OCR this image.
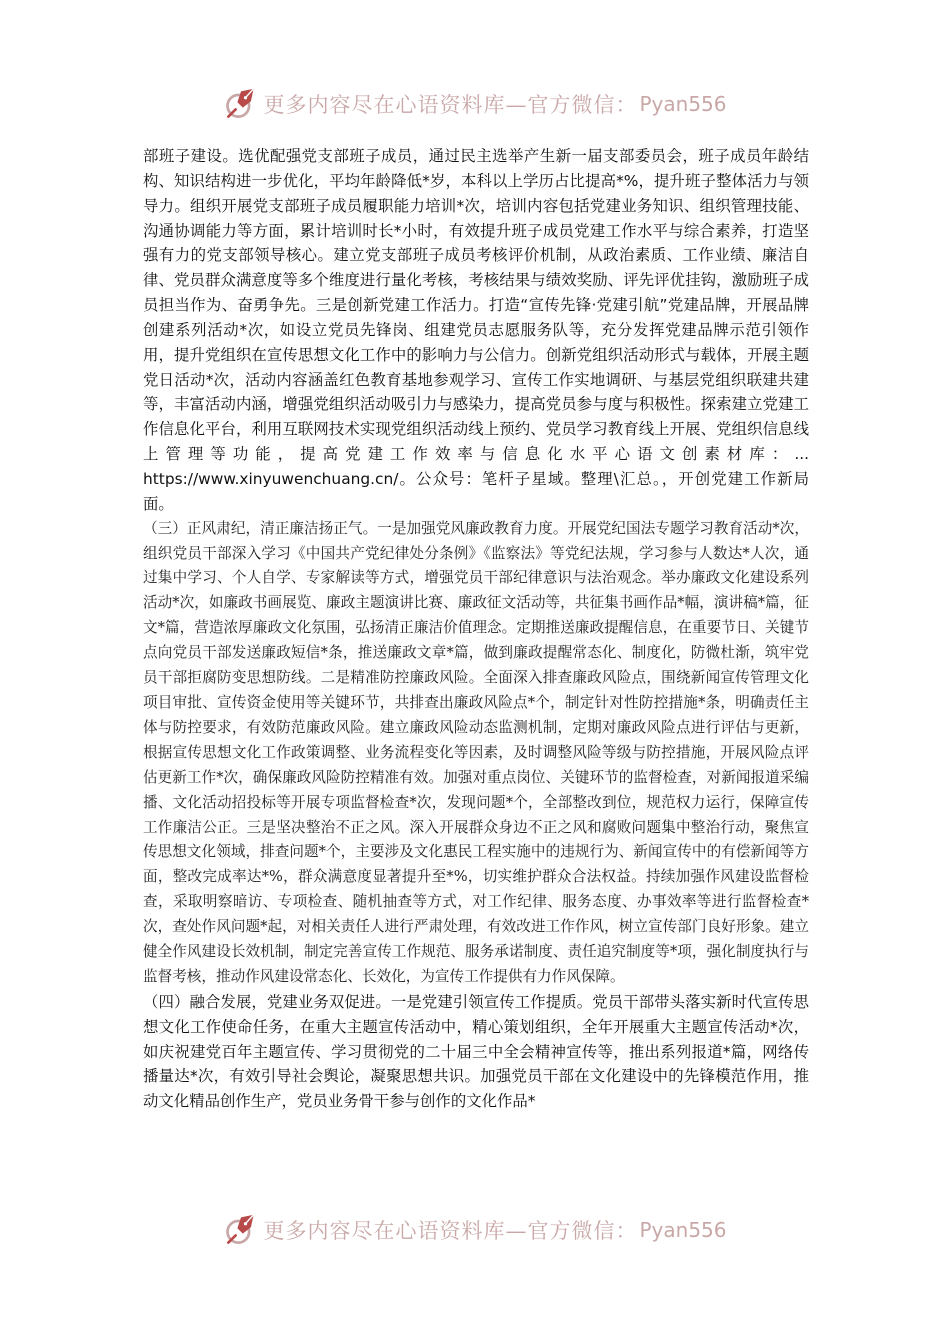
更多内容尽在心语资料库—官方微信： Pyan556

部班子建设。选优配强党支部班子成员，通过民主选举产生新一届支部委员会，班子成员年龄结构、知识结构进一步优化，平均年龄降低*岁，本科以上学历占比提高*%，提升班子整体活力与领导力。组织开展党支部班子成员履职能力培训*次，培训内容包括党建业务知识、组织管理技能、沟通协调能力等方面，累计培训时长*小时，有效提升班子成员党建工作水平与综合素养，打造坚强有力的党支部领导核心。建立党支部班子成员考核评价机制，从政治素质、工作业绩、廉洁自律、党员群众满意度等多个维度进行量化考核，考核结果与绩效奖励、评先评优挂钩，激励班子成员担当作为、奋勇争先。三是创新党建工作活力。打造“宣传先锋·党建引航”党建品牌，开展品牌创建系列活动*次，如设立党员先锋岗、组建党员志愿服务队等，充分发挥党建品牌示范引领作用，提升党组织在宣传思想文化工作中的影响力与公信力。创新党组织活动形式与载体，开展主题党日活动*次，活动内容涵盖红色教育基地参观学习、宣传工作实地调研、与基层党组织联建共建等，丰富活动内涵，增强党组织活动吸引力与感染力，提高党员参与度与积极性。探索建立党建工作信息化平台，利用互联网技术实现党组织活动线上预约、党员学习教育线上开展、党组织信息线上管理等功能，提高党建工作效率与信息化水平心语文创素材库：... https://www.xinyuwenchuang.cn/。公众号：笔杆子星域。整理\汇总。，开创党建工作新局面。

（三）正风肃纪，清正廉洁扬正气。一是加强党风廉政教育力度。开展党纪国法专题学习教育活动*次，组织党员干部深入学习《中国共产党纪律处分条例》《监察法》等党纪法规，学习参与人数达*人次，通过集中学习、个人自学、专家解读等方式，增强党员干部纪律意识与法治观念。举办廉政文化建设系列活动*次，如廉政书画展览、廉政主题演讲比赛、廉政征文活动等，共征集书画作品*幅，演讲稿*篇，征文*篇，营造浓厚廉政文化氛围，弘扬清正廉洁价值理念。定期推送廉政提醒信息，在重要节日、关键节点向党员干部发送廉政短信*条，推送廉政文章*篇，做到廉政提醒常态化、制度化，防微杜渐，筑牢党员干部拒腐防变思想防线。二是精准防控廉政风险。全面深入排查廉政风险点，围绕新闻宣传管理文化项目审批、宣传资金使用等关键环节，共排查出廉政风险点*个，制定针对性防控措施*条，明确责任主体与防控要求，有效防范廉政风险。建立廉政风险动态监测机制，定期对廉政风险点进行评估与更新，根据宣传思想文化工作政策调整、业务流程变化等因素，及时调整风险等级与防控措施，开展风险点评估更新工作*次，确保廉政风险防控精准有效。加强对重点岗位、关键环节的监督检查，对新闻报道采编播、文化活动招投标等开展专项监督检查*次，发现问题*个，全部整改到位，规范权力运行，保障宣传工作廉洁公正。三是坚决整治不正之风。深入开展群众身边不正之风和腐败问题集中整治行动，聚焦宣传思想文化领域，排查问题*个，主要涉及文化惠民工程实施中的违规行为、新闻宣传中的有偿新闻等方面，整改完成率达*%，群众满意度显著提升至*%，切实维护群众合法权益。持续加强作风建设监督检查，采取明察暗访、专项检查、随机抽查等方式，对工作纪律、服务态度、办事效率等进行监督检查*次，查处作风问题*起，对相关责任人进行严肃处理，有效改进工作作风，树立宣传部门良好形象。建立健全作风建设长效机制，制定完善宣传工作规范、服务承诺制度、责任追究制度等*项，强化制度执行与监督考核，推动作风建设常态化、长效化，为宣传工作提供有力作风保障。

（四）融合发展，党建业务双促进。一是党建引领宣传工作提质。党员干部带头落实新时代宣传思想文化工作使命任务，在重大主题宣传活动中，精心策划组织，全年开展重大主题宣传活动*次，如庆祝建党百年主题宣传、学习贯彻党的二十届三中全会精神宣传等，推出系列报道*篇，网络传播量达*次，有效引导社会舆论，凝聚思想共识。加强党员干部在文化建设中的先锋模范作用，推动文化精品创作生产，党员业务骨干参与创作的文化作品*

更多内容尽在心语资料库—官方微信： Pyan556
